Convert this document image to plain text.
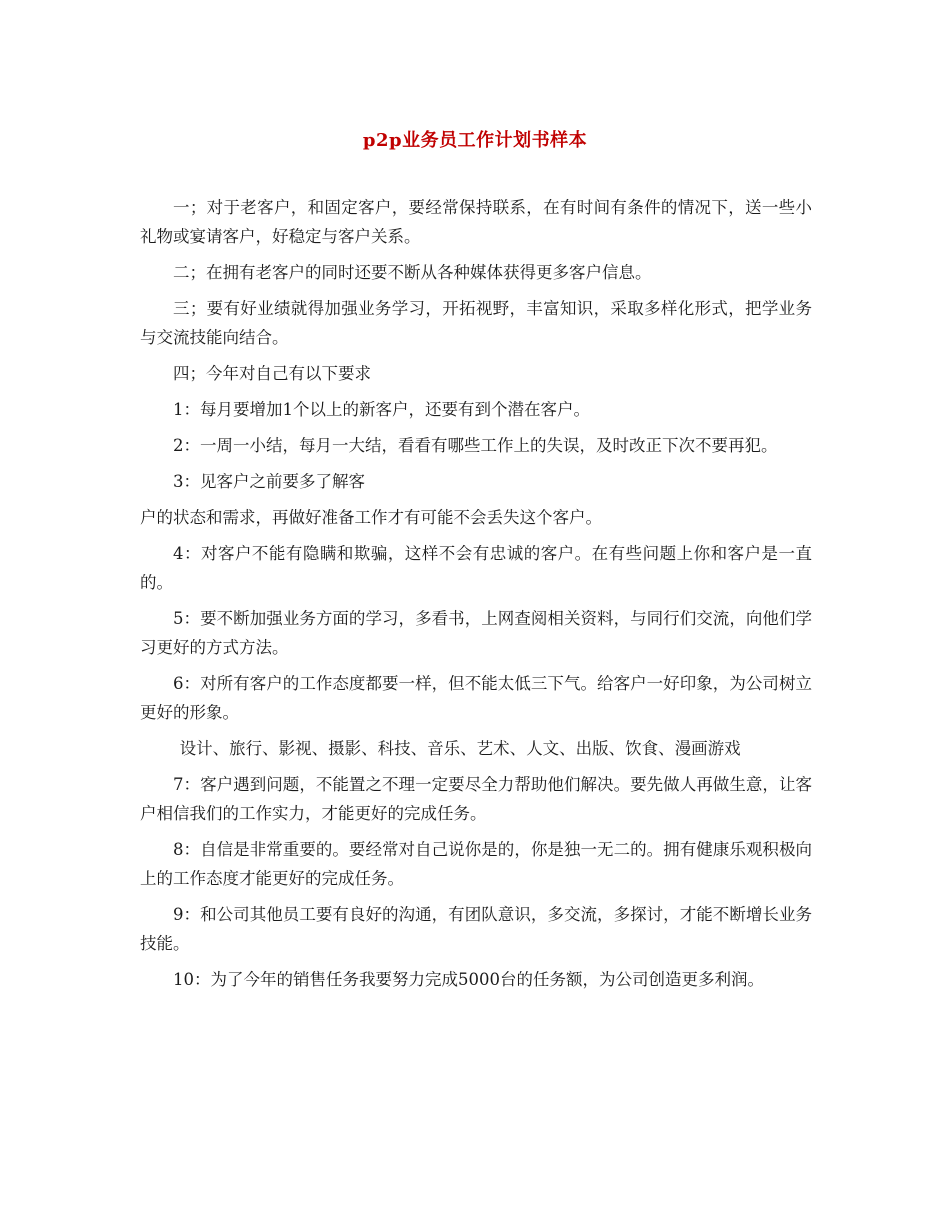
p2p业务员工作计划书样本

一；对于老客户，和固定客户，要经常保持联系，在有时间有条件的情况下，送一些小礼物或宴请客户，好稳定与客户关系。

二；在拥有老客户的同时还要不断从各种媒体获得更多客户信息。

三；要有好业绩就得加强业务学习，开拓视野，丰富知识，采取多样化形式，把学业务与交流技能向结合。

四；今年对自己有以下要求

1：每月要增加1个以上的新客户，还要有到个潜在客户。

2：一周一小结，每月一大结，看看有哪些工作上的失误，及时改正下次不要再犯。

3：见客户之前要多了解客

户的状态和需求，再做好准备工作才有可能不会丢失这个客户。

4：对客户不能有隐瞒和欺骗，这样不会有忠诚的客户。在有些问题上你和客户是一直的。

5：要不断加强业务方面的学习，多看书，上网查阅相关资料，与同行们交流，向他们学习更好的方式方法。

6：对所有客户的工作态度都要一样，但不能太低三下气。给客户一好印象，为公司树立更好的形象。

设计、旅行、影视、摄影、科技、音乐、艺术、人文、出版、饮食、漫画游戏

7：客户遇到问题，不能置之不理一定要尽全力帮助他们解决。要先做人再做生意，让客户相信我们的工作实力，才能更好的完成任务。

8：自信是非常重要的。要经常对自己说你是的，你是独一无二的。拥有健康乐观积极向上的工作态度才能更好的完成任务。

9：和公司其他员工要有良好的沟通，有团队意识，多交流，多探讨，才能不断增长业务技能。

10：为了今年的销售任务我要努力完成5000台的任务额，为公司创造更多利润。
